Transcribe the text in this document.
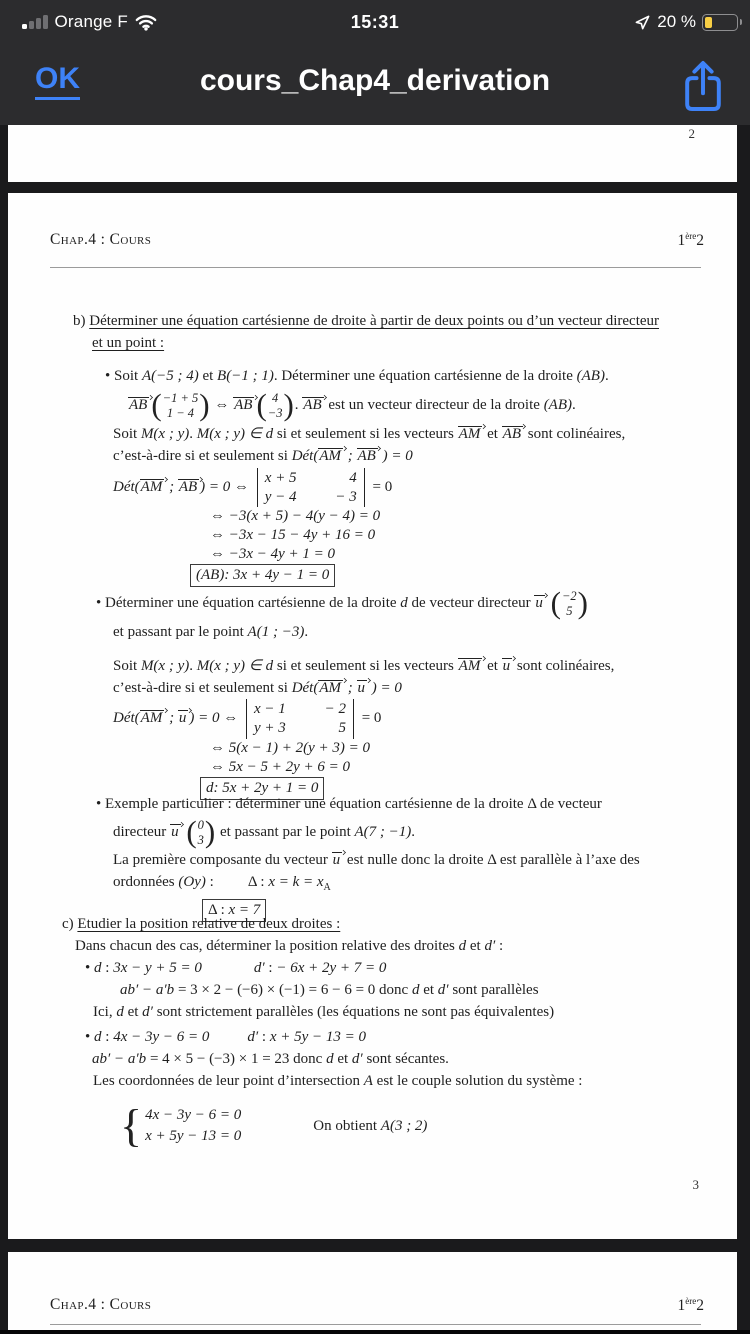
Orange F	15:31	20 %
OK	cours_Chap4_derivation
2
Chap.4 : Cours	1ère2
b) Déterminer une équation cartésienne de droite à partir de deux points ou d’un vecteur directeur
et un point :
• Soit A(−5 ; 4) et B(−1 ; 1). Déterminer une équation cartésienne de la droite (AB).
AB ( −1 + 5
1 − 4 ) ⇔ AB ( 4
−3 ) . AB est un vecteur directeur de la droite (AB).
Soit M(x ; y). M(x ; y) ∈ d si et seulement si les vecteurs AM et AB sont colinéaires,
c’est-à-dire si et seulement si Dét(AM ; AB ) = 0
Dét(AM ; AB ) = 0 ⇔
x + 5	4
y − 4	− 3
= 0
⇔ −3(x + 5) − 4(y − 4) = 0
⇔ −3x − 15 − 4y + 16 = 0
⇔ −3x − 4y + 1 = 0
(AB): 3x + 4y − 1 = 0
• Déterminer une équation cartésienne de la droite d de vecteur directeur u ( −2
5 )
et passant par le point A(1 ; −3).
Soit M(x ; y). M(x ; y) ∈ d si et seulement si les vecteurs AM et u sont colinéaires,
c’est-à-dire si et seulement si Dét(AM ; u ) = 0
Dét(AM ; u ) = 0 ⇔
x − 1	− 2
y + 3	5
= 0
⇔ 5(x − 1) + 2(y + 3) = 0
⇔ 5x − 5 + 2y + 6 = 0
d: 5x + 2y + 1 = 0
• Exemple particulier : déterminer une équation cartésienne de la droite Δ de vecteur
directeur u ( 0
3 ) et passant par le point A(7 ; −1).
La première composante du vecteur u est nulle donc la droite Δ est parallèle à l’axe des
ordonnées (Oy) : Δ : $x = k = x_A$
Δ : x = 7
c) Etudier la position relative de deux droites :
Dans chacun des cas, déterminer la position relative des droites d et d′ :
• d : 3x − y + 5 = 0	d′ : − 6x + 2y + 7 = 0
ab′ − a′b = 3 × 2 − (−6) × (−1) = 6 − 6 = 0 donc d et d′ sont parallèles
Ici, d et d′ sont strictement parallèles (les équations ne sont pas équivalentes)
• d : 4x − 3y − 6 = 0	d′ : x + 5y − 13 = 0
ab′ − a′b = 4 × 5 − (−3) × 1 = 23 donc d et d′ sont sécantes.
Les coordonnées de leur point d’intersection A est le couple solution du système :
{ 4x − 3y − 6 = 0
x + 5y − 13 = 0
On obtient A(3 ; 2)
3
Chap.4 : Cours	1ère2
